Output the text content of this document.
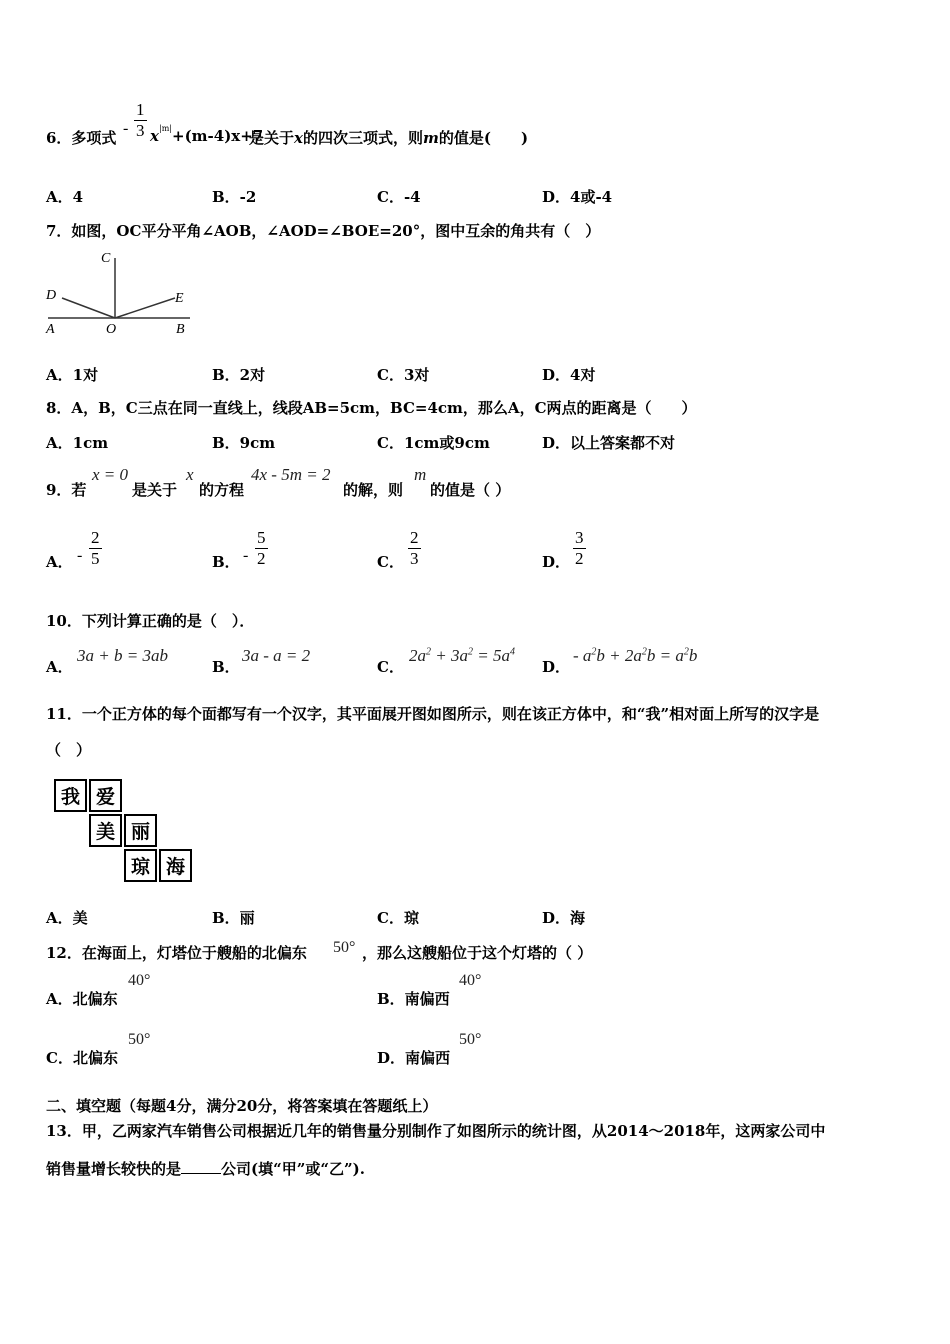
6．多项式
- $\frac{1}{3}$ x |m| +(m-4)x+7
是关于x的四次三项式，则m的值是(　　)
A．4	B．-2	C．-4	D．4或-4
7．如图，OC平分平角∠AOB，∠AOD=∠BOE=20°，图中互余的角共有（　）
C
D	E
A	O	B
A．1对	B．2对	C．3对	D．4对
8．A，B，C三点在同一直线上，线段AB=5cm，BC=4cm，那么A，C两点的距离是（　　）
A．1cm	B．9cm	C．1cm或9cm	D．以上答案都不对
9．若
x = 0
是关于
x
的方程
4x - 5m = 2
的解，则
m
的值是（ ）
A． - $\frac{2}{5}$	B． - $\frac{5}{2}$	C． $\frac{2}{3}$	D． $\frac{3}{2}$
10．下列计算正确的是（　）．
A．
3a + b = 3ab
B．
3a - a = 2
C．
$2a^2 + 3a^2 = 5a^4$
D．
- $a^2b + 2a^2b = a^2b$
11．一个正方体的每个面都写有一个汉字，其平面展开图如图所示，则在该正方体中，和“我”相对面上所写的汉字是
（　）
我 爱
美 丽
琼 海
A．美	B．丽	C．琼	D．海
12．在海面上，灯塔位于艘船的北偏东 50° ，那么这艘船位于这个灯塔的（ ）
A．北偏东
40°
B．南偏西
40°
C．北偏东
50°
D．南偏西
50°
二、填空题（每题4分，满分20分，将答案填在答题纸上）
13．甲，乙两家汽车销售公司根据近几年的销售量分别制作了如图所示的统计图，从2014～2018年，这两家公司中
销售量增长较快的是	公司(填“甲”或“乙”).
